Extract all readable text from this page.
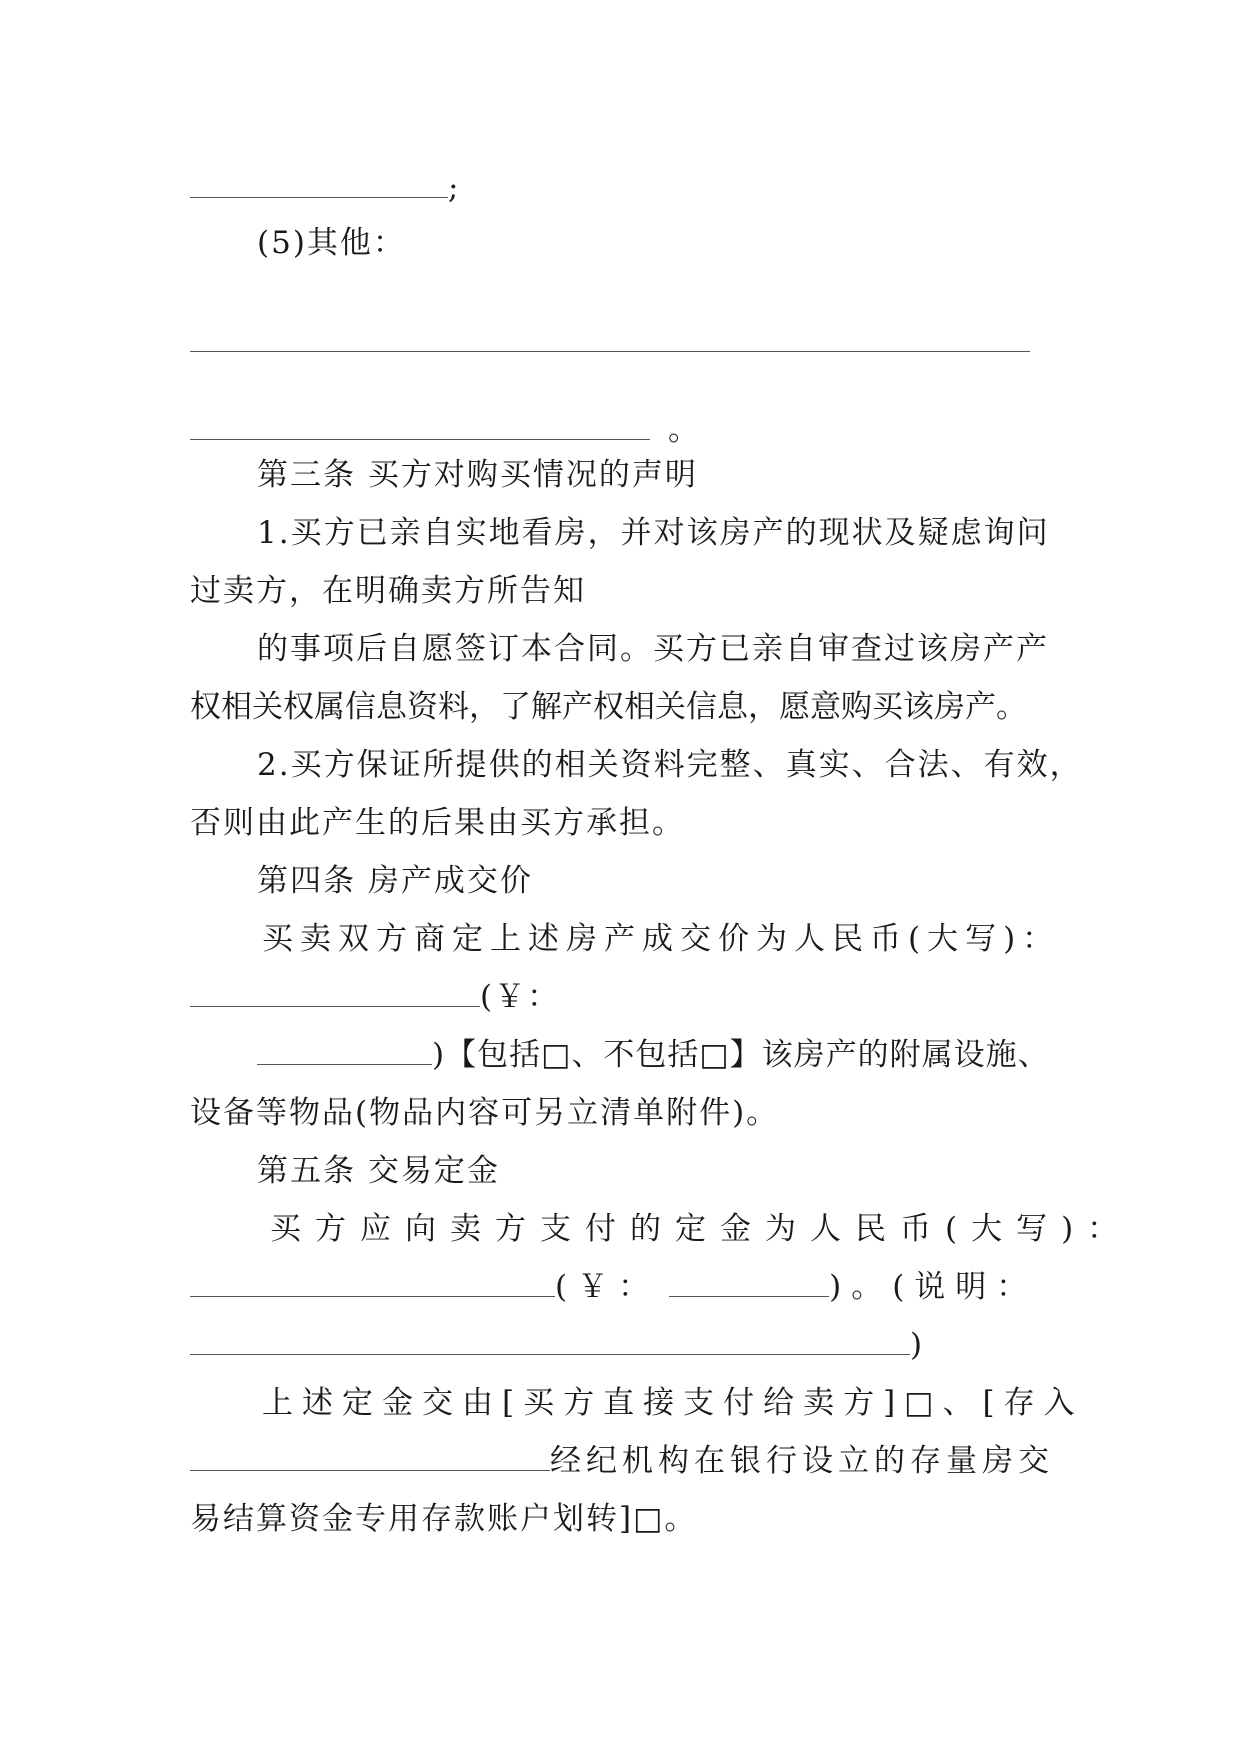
;
(5)其他：
。
第三条 买方对购买情况的声明
1.买方已亲自实地看房，并对该房产的现状及疑虑询问
过卖方，在明确卖方所告知
的事项后自愿签订本合同。买方已亲自审查过该房产产
权相关权属信息资料，了解产权相关信息，愿意购买该房产。
2.买方保证所提供的相关资料完整、真实、合法、有效，
否则由此产生的后果由买方承担。
第四条 房产成交价
买卖双方商定上述房产成交价为人民币(大写)：
(￥：
)【包括□、不包括□】该房产的附属设施、
设备等物品(物品内容可另立清单附件)。
第五条 交易定金
买方应向卖方支付的定金为人民币(大写)：
(￥：	)。(说明：
)
上述定金交由[买方直接支付给卖方]□、[存入
经纪机构在银行设立的存量房交
易结算资金专用存款账户划转]□。
